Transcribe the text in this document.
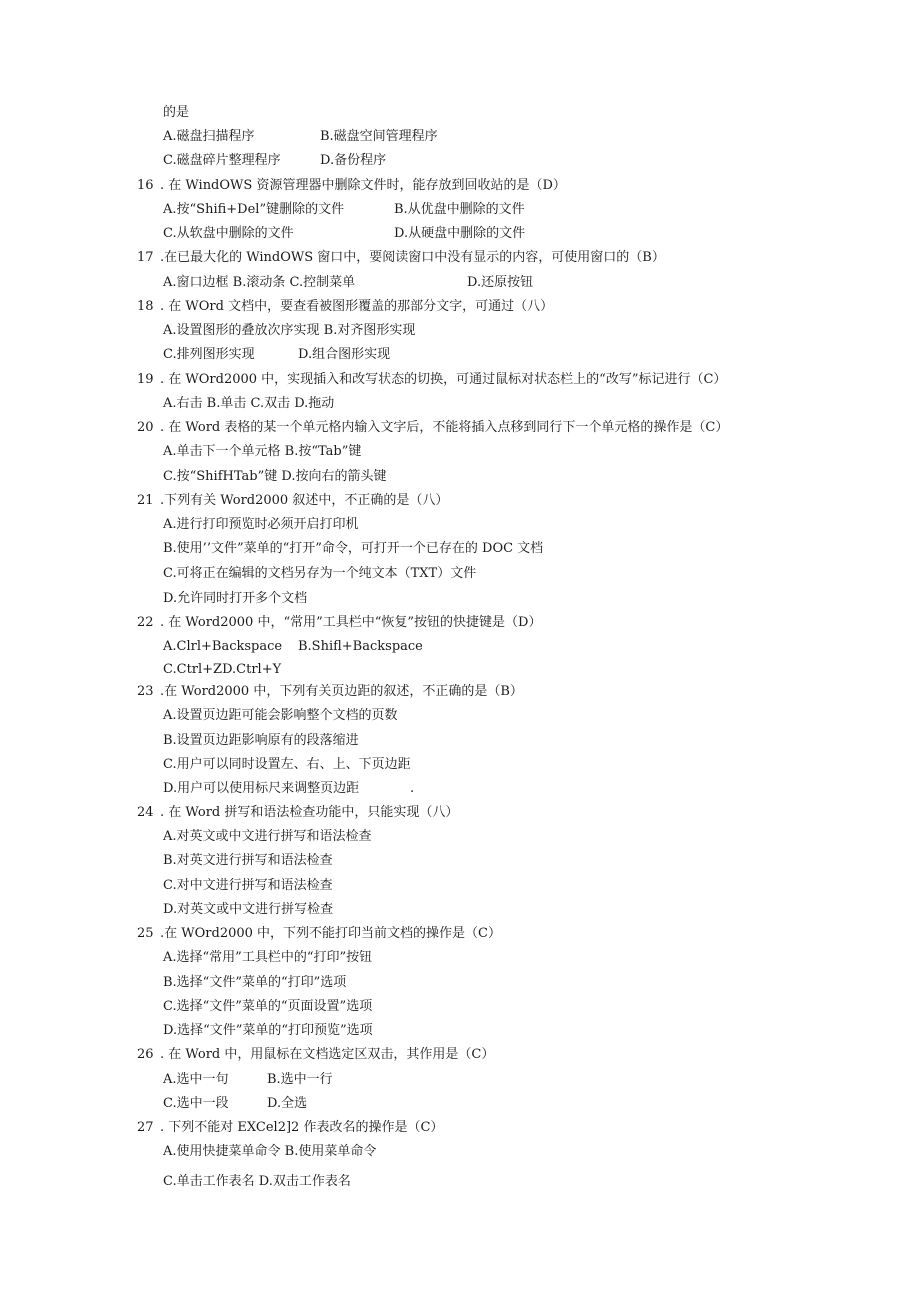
的是
A.磁盘扫描程序	B.磁盘空间管理程序
C.磁盘碎片整理程序	D.备份程序
16 . 在 WindOWS 资源管理器中删除文件时，能存放到回收站的是（D）
A.按“Shifi+Del”键删除的文件	B.从优盘中删除的文件
C.从软盘中删除的文件	D.从硬盘中删除的文件
17 .在已最大化的 WindOWS 窗口中，要阅读窗口中没有显示的内容，可使用窗口的（B）
A.窗口边框 B.滚动条 C.控制菜单	D.还原按钮
18 . 在 WOrd 文档中，要查看被图形覆盖的那部分文字，可通过（八）
A.设置图形的叠放次序实现 B.对齐图形实现
C.排列图形实现	D.组合图形实现
19 . 在 WOrd2000 中，实现插入和改写状态的切换，可通过鼠标对状态栏上的“改写”标记进行（C）
A.右击 B.单击 C.双击 D.拖动
20 . 在 Word 表格的某一个单元格内输入文字后，不能将插入点移到同行下一个单元格的操作是（C）
A.单击下一个单元格 B.按“Tab”键
C.按“ShifHTab”键 D.按向右的箭头键
21 .下列有关 Word2000 叙述中，不正确的是（八）
A.进行打印预览时必须开启打印机
B.使用’’文件”菜单的“打开”命令，可打开一个已存在的 DOC 文档
C.可将正在编辑的文档另存为一个纯文本（TXT）文件
D.允许同时打开多个文档
22 . 在 Word2000 中，“常用”工具栏中“恢复”按钮的快捷键是（D）
A.Clrl+Backspace B.Shifl+Backspace
C.Ctrl+ZD.Ctrl+Y
23 .在 Word2000 中，下列有关页边距的叙述，不正确的是（B）
A.设置页边距可能会影响整个文档的页数
B.设置页边距影响原有的段落缩进
C.用户可以同时设置左、右、上、下页边距
D.用户可以使用标尺来调整页边距	.
24 . 在 Word 拼写和语法检查功能中，只能实现（八）
A.对英文或中文进行拼写和语法检查
B.对英文进行拼写和语法检查
C.对中文进行拼写和语法检查
D.对英文或中文进行拼写检查
25 .在 WOrd2000 中，下列不能打印当前文档的操作是（C）
A.选择“常用”工具栏中的“打印”按钮
B.选择“文件”菜单的“打印”选项
C.选择“文件”菜单的“页面设置”选项
D.选择“文件”菜单的“打印预览”选项
26 . 在 Word 中，用鼠标在文档选定区双击，其作用是（C）
A.选中一句	B.选中一行
C.选中一段	D.全选
27 . 下列不能对 EXCel2]2 作表改名的操作是（C）
A.使用快捷菜单命令 B.使用菜单命令
C.单击工作表名 D.双击工作表名
